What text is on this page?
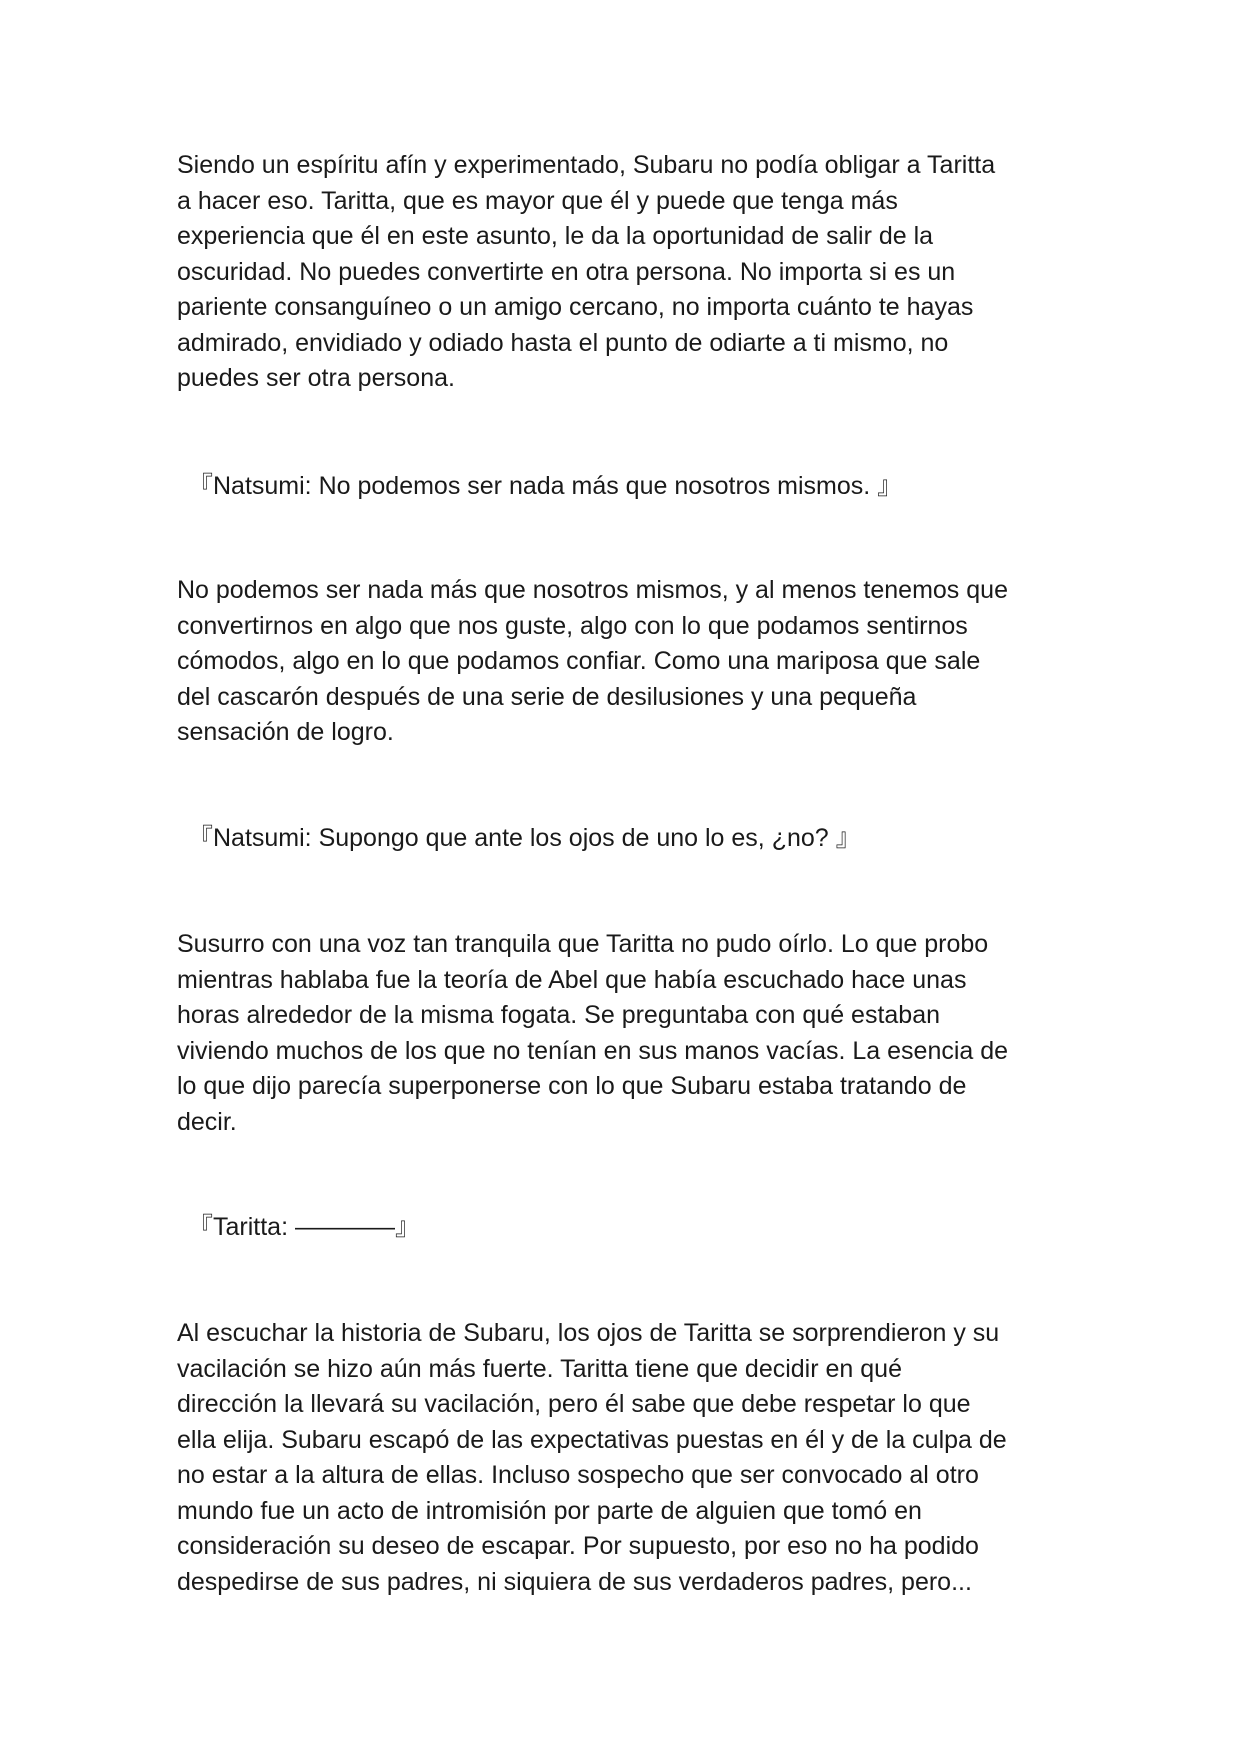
Siendo un espíritu afín y experimentado, Subaru no podía obligar a Taritta
a hacer eso. Taritta, que es mayor que él y puede que tenga más
experiencia que él en este asunto, le da la oportunidad de salir de la
oscuridad. No puedes convertirte en otra persona. No importa si es un
pariente consanguíneo o un amigo cercano, no importa cuánto te hayas
admirado, envidiado y odiado hasta el punto de odiarte a ti mismo, no
puedes ser otra persona.
『Natsumi: No podemos ser nada más que nosotros mismos. 』
No podemos ser nada más que nosotros mismos, y al menos tenemos que
convertirnos en algo que nos guste, algo con lo que podamos sentirnos
cómodos, algo en lo que podamos confiar. Como una mariposa que sale
del cascarón después de una serie de desilusiones y una pequeña
sensación de logro.
『Natsumi: Supongo que ante los ojos de uno lo es, ¿no? 』
Susurro con una voz tan tranquila que Taritta no pudo oírlo. Lo que probo
mientras hablaba fue la teoría de Abel que había escuchado hace unas
horas alrededor de la misma fogata. Se preguntaba con qué estaban
viviendo muchos de los que no tenían en sus manos vacías. La esencia de
lo que dijo parecía superponerse con lo que Subaru estaba tratando de
decir.
『Taritta: ————』
Al escuchar la historia de Subaru, los ojos de Taritta se sorprendieron y su
vacilación se hizo aún más fuerte. Taritta tiene que decidir en qué
dirección la llevará su vacilación, pero él sabe que debe respetar lo que
ella elija. Subaru escapó de las expectativas puestas en él y de la culpa de
no estar a la altura de ellas. Incluso sospecho que ser convocado al otro
mundo fue un acto de intromisión por parte de alguien que tomó en
consideración su deseo de escapar. Por supuesto, por eso no ha podido
despedirse de sus padres, ni siquiera de sus verdaderos padres, pero...
